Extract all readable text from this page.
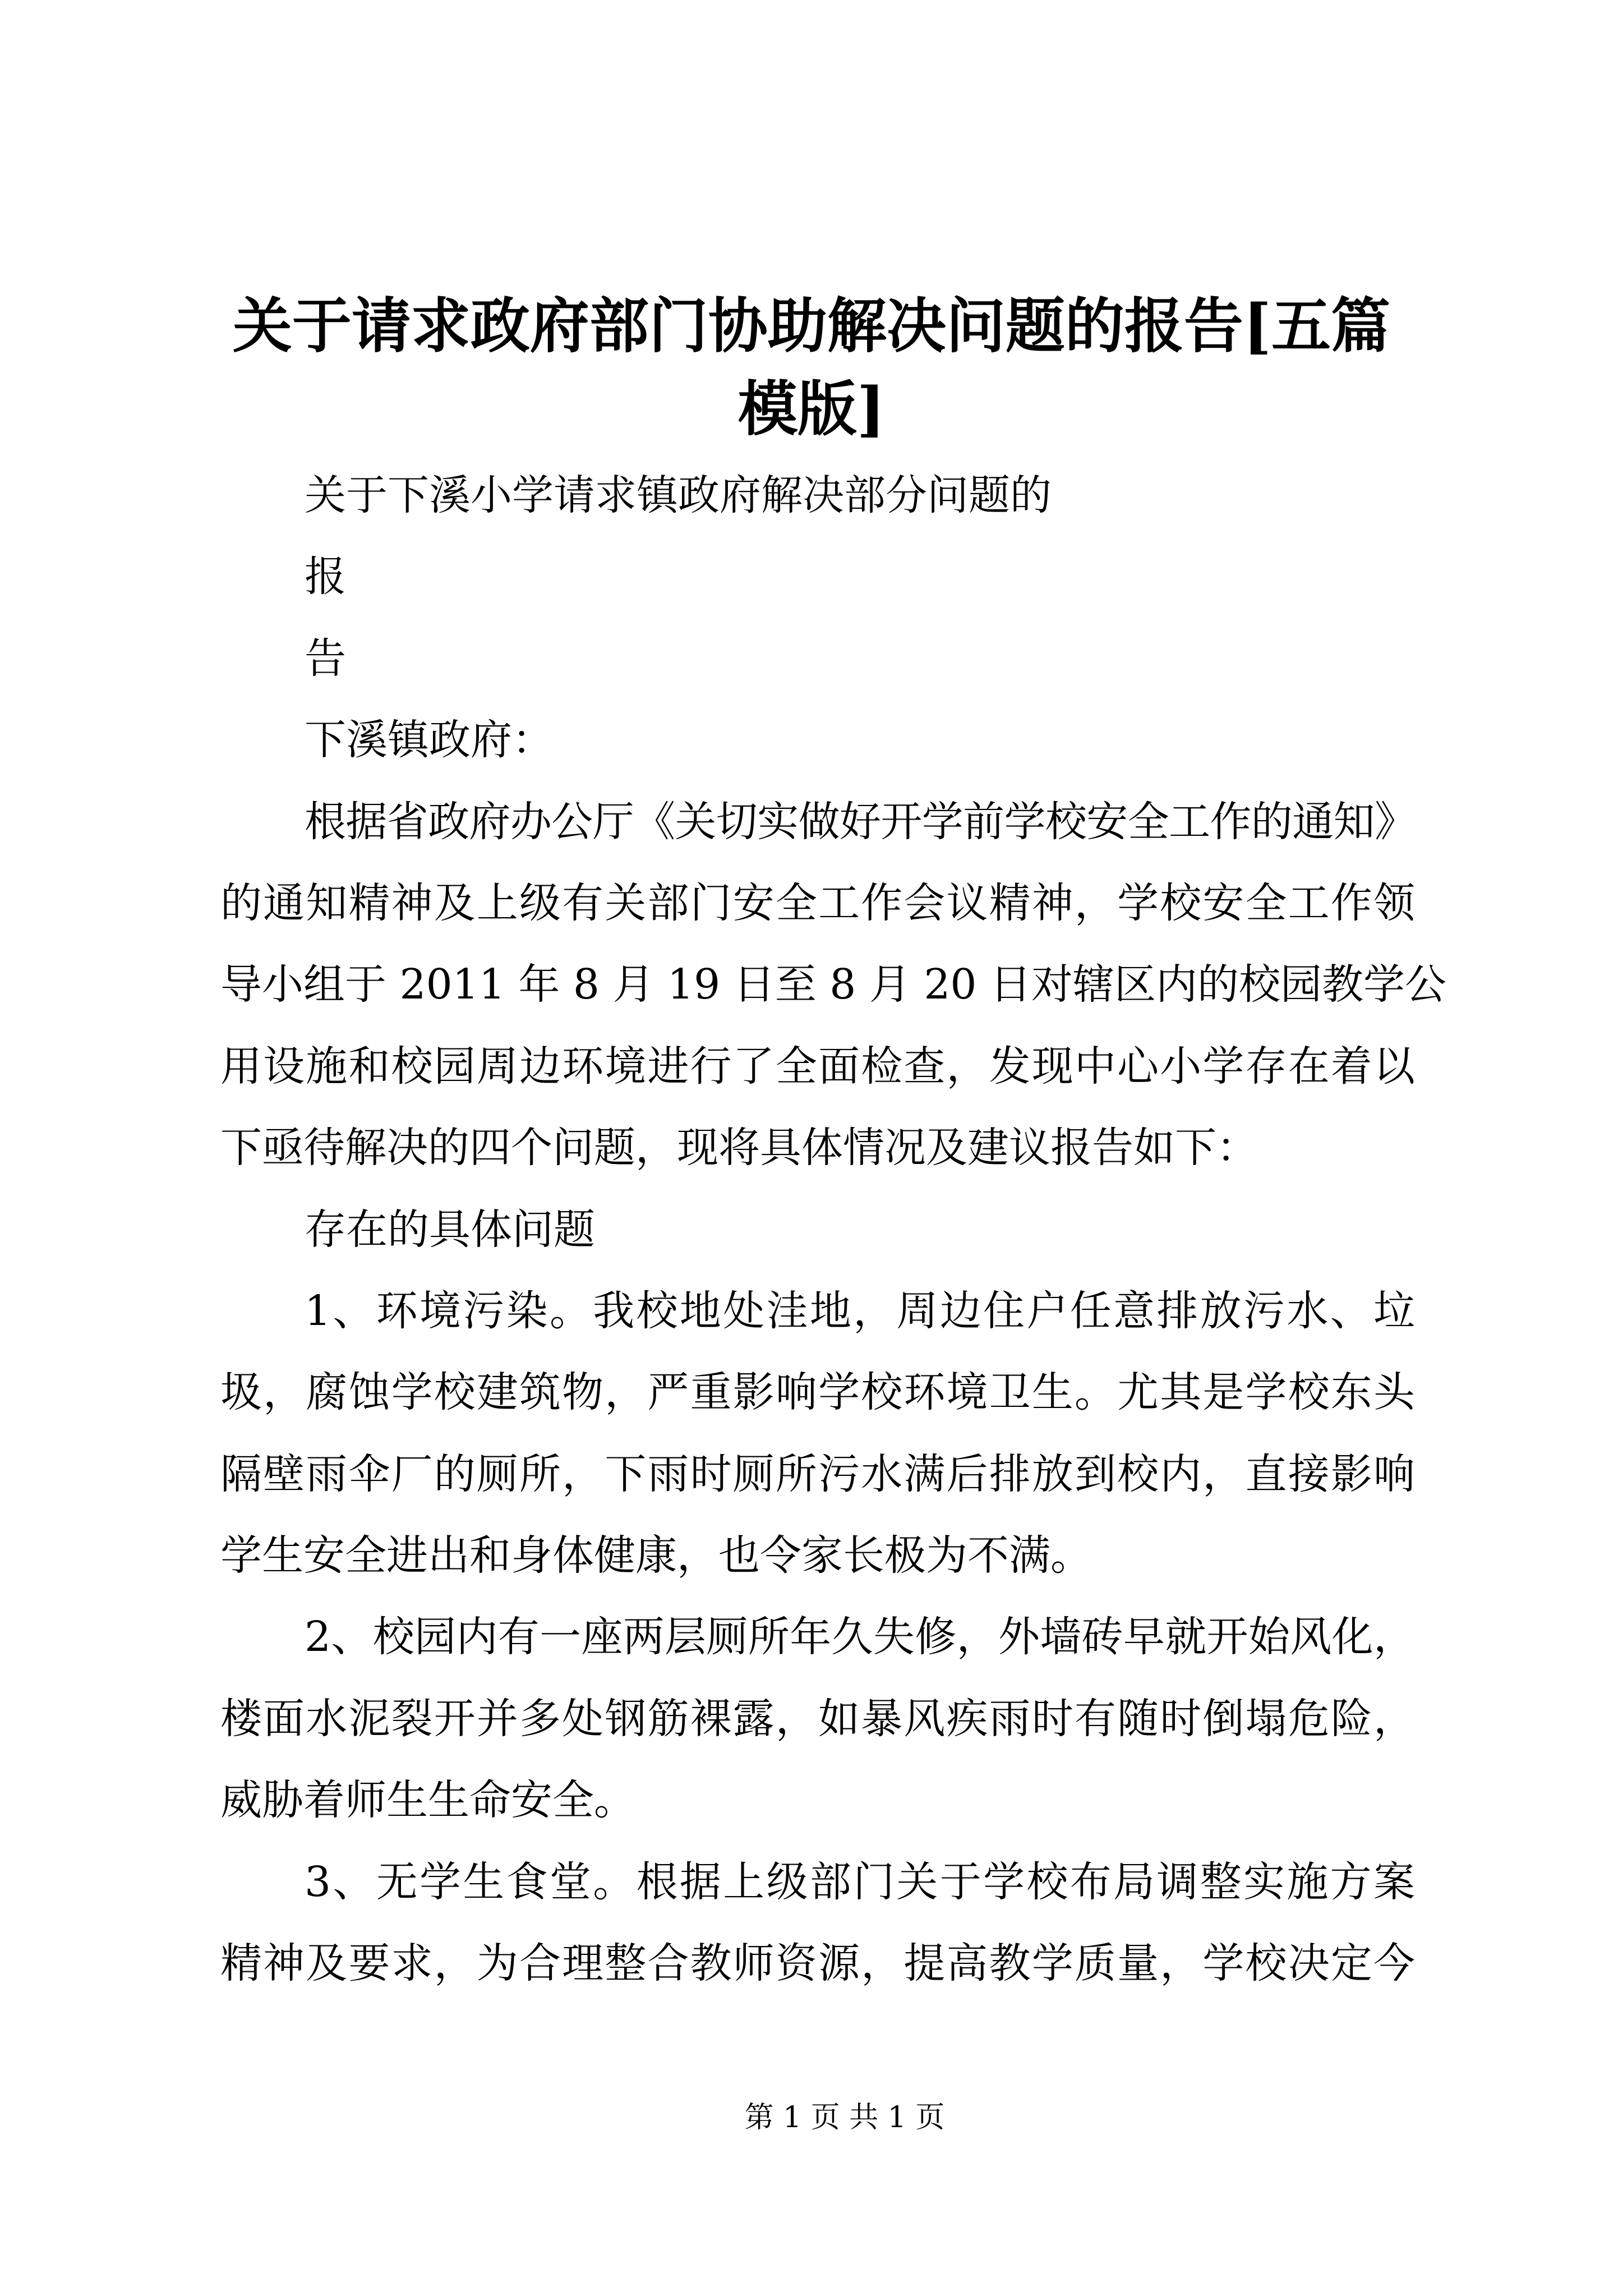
关于请求政府部门协助解决问题的报告[五篇
模版]
关于下溪小学请求镇政府解决部分问题的
报
告
下溪镇政府：
根据省政府办公厅《关切实做好开学前学校安全工作的通知》
的通知精神及上级有关部门安全工作会议精神，学校安全工作领
导小组于 2011 年 8 月 19 日至 8 月 20 日对辖区内的校园教学公
用设施和校园周边环境进行了全面检查，发现中心小学存在着以
下亟待解决的四个问题，现将具体情况及建议报告如下：
存在的具体问题
1、环境污染。我校地处洼地，周边住户任意排放污水、垃
圾，腐蚀学校建筑物，严重影响学校环境卫生。尤其是学校东头
隔壁雨伞厂的厕所，下雨时厕所污水满后排放到校内，直接影响
学生安全进出和身体健康，也令家长极为不满。
2、校园内有一座两层厕所年久失修，外墙砖早就开始风化，
楼面水泥裂开并多处钢筋裸露，如暴风疾雨时有随时倒塌危险，
威胁着师生生命安全。
3、无学生食堂。根据上级部门关于学校布局调整实施方案
精神及要求，为合理整合教师资源，提高教学质量，学校决定今
第 1 页 共 1 页
